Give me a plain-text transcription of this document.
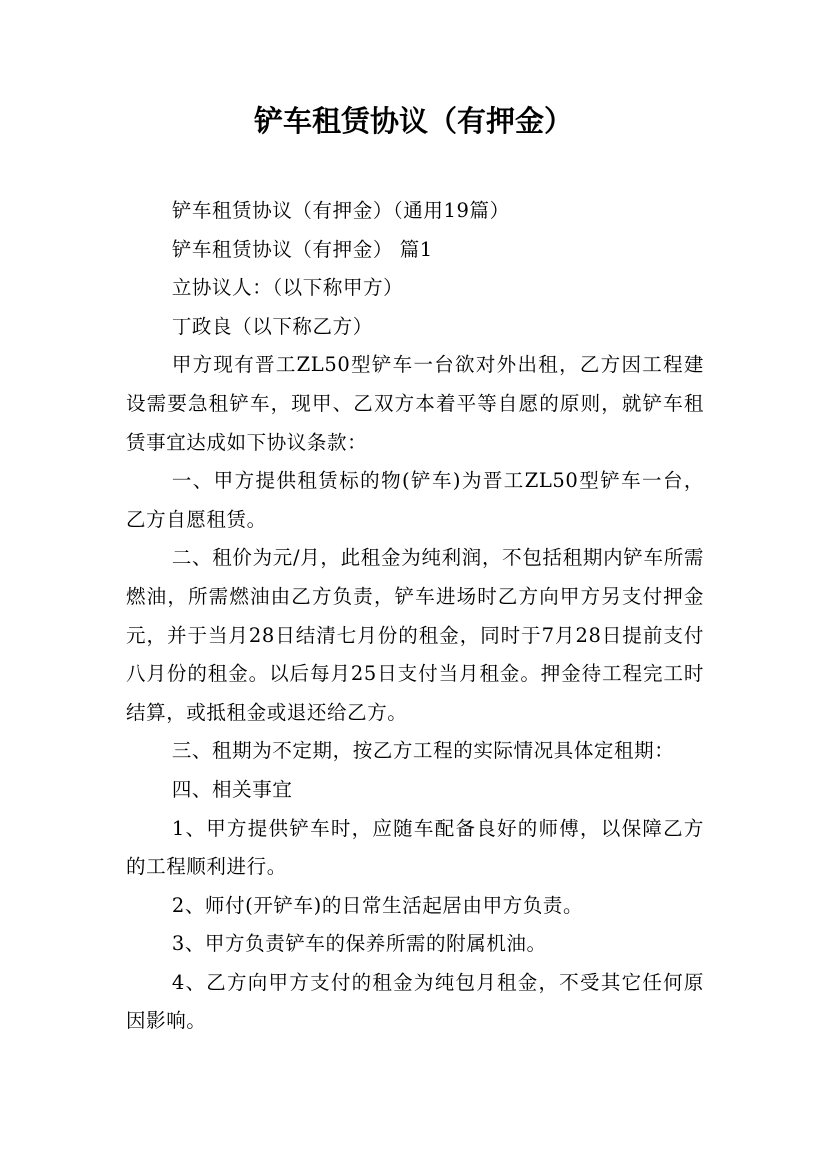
铲车租赁协议（有押金）

铲车租赁协议（有押金）（通用19篇）

铲车租赁协议（有押金） 篇1

立协议人：（以下称甲方）

丁政良（以下称乙方）

甲方现有晋工ZL50型铲车一台欲对外出租，乙方因工程建设需要急租铲车，现甲、乙双方本着平等自愿的原则，就铲车租赁事宜达成如下协议条款：

一、甲方提供租赁标的物(铲车)为晋工ZL50型铲车一台，乙方自愿租赁。

二、租价为元/月，此租金为纯利润，不包括租期内铲车所需燃油，所需燃油由乙方负责，铲车进场时乙方向甲方另支付押金元，并于当月28日结清七月份的租金，同时于7月28日提前支付八月份的租金。以后每月25日支付当月租金。押金待工程完工时结算，或抵租金或退还给乙方。

三、租期为不定期，按乙方工程的实际情况具体定租期：

四、相关事宜

1、甲方提供铲车时，应随车配备良好的师傅，以保障乙方的工程顺利进行。

2、师付(开铲车)的日常生活起居由甲方负责。

3、甲方负责铲车的保养所需的附属机油。

4、乙方向甲方支付的租金为纯包月租金，不受其它任何原因影响。
